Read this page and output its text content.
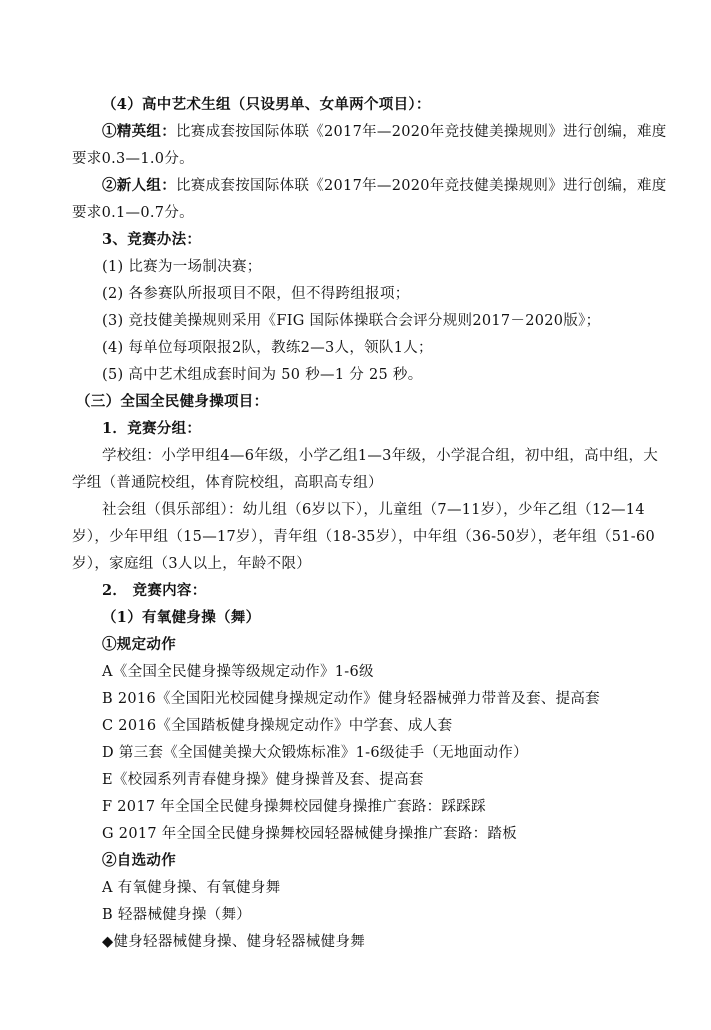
（4）高中艺术生组（只设男单、女单两个项目）：
①精英组：比赛成套按国际体联《2017年—2020年竞技健美操规则》进行创编，难度
要求0.3—1.0分。
②新人组：比赛成套按国际体联《2017年—2020年竞技健美操规则》进行创编，难度
要求0.1—0.7分。
3、竞赛办法：
(1) 比赛为一场制决赛；
(2) 各参赛队所报项目不限，但不得跨组报项；
(3) 竞技健美操规则采用《FIG 国际体操联合会评分规则2017－2020版》；
(4) 每单位每项限报2队，教练2—3人，领队1人；
(5) 高中艺术组成套时间为 50 秒—1 分 25 秒。
（三）全国全民健身操项目：
1．竞赛分组：
学校组：小学甲组4—6年级，小学乙组1—3年级，小学混合组，初中组，高中组，大
学组（普通院校组，体育院校组，高职高专组）
社会组（俱乐部组）：幼儿组（6岁以下），儿童组（7—11岁），少年乙组（12—14
岁），少年甲组（15—17岁），青年组（18-35岁），中年组（36-50岁），老年组（51-60
岁），家庭组（3人以上，年龄不限）
2． 竞赛内容：
（1）有氧健身操（舞）
①规定动作
A《全国全民健身操等级规定动作》1-6级
B 2016《全国阳光校园健身操规定动作》健身轻器械弹力带普及套、提高套
C 2016《全国踏板健身操规定动作》中学套、成人套
D 第三套《全国健美操大众锻炼标准》1-6级徒手（无地面动作）
E《校园系列青春健身操》健身操普及套、提高套
F 2017 年全国全民健身操舞校园健身操推广套路：踩踩踩
G 2017 年全国全民健身操舞校园轻器械健身操推广套路：踏板
②自选动作
A 有氧健身操、有氧健身舞
B 轻器械健身操（舞）
◆健身轻器械健身操、健身轻器械健身舞
